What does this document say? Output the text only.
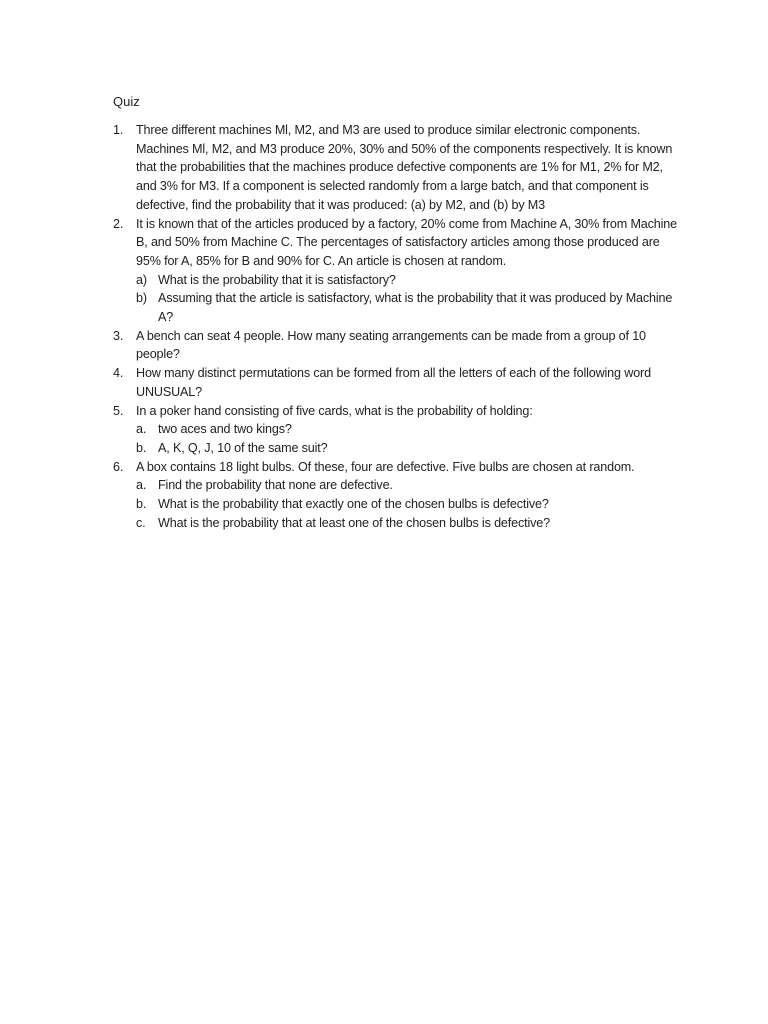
Quiz
1. Three different machines Ml, M2, and M3 are used to produce similar electronic components. Machines Ml, M2, and M3 produce 20%, 30% and 50% of the components respectively. It is known that the probabilities that the machines produce defective components are 1% for M1, 2% for M2, and 3% for M3. If a component is selected randomly from a large batch, and that component is defective, find the probability that it was produced: (a) by M2, and (b) by M3
2. It is known that of the articles produced by a factory, 20% come from Machine A, 30% from Machine B, and 50% from Machine C. The percentages of satisfactory articles among those produced are 95% for A, 85% for B and 90% for C. An article is chosen at random.
a) What is the probability that it is satisfactory?
b) Assuming that the article is satisfactory, what is the probability that it was produced by Machine A?
3. A bench can seat 4 people. How many seating arrangements can be made from a group of 10 people?
4. How many distinct permutations can be formed from all the letters of each of the following word UNUSUAL?
5. In a poker hand consisting of five cards, what is the probability of holding:
a. two aces and two kings?
b. A, K, Q, J, 10 of the same suit?
6. A box contains 18 light bulbs. Of these, four are defective. Five bulbs are chosen at random.
a. Find the probability that none are defective.
b. What is the probability that exactly one of the chosen bulbs is defective?
c. What is the probability that at least one of the chosen bulbs is defective?
